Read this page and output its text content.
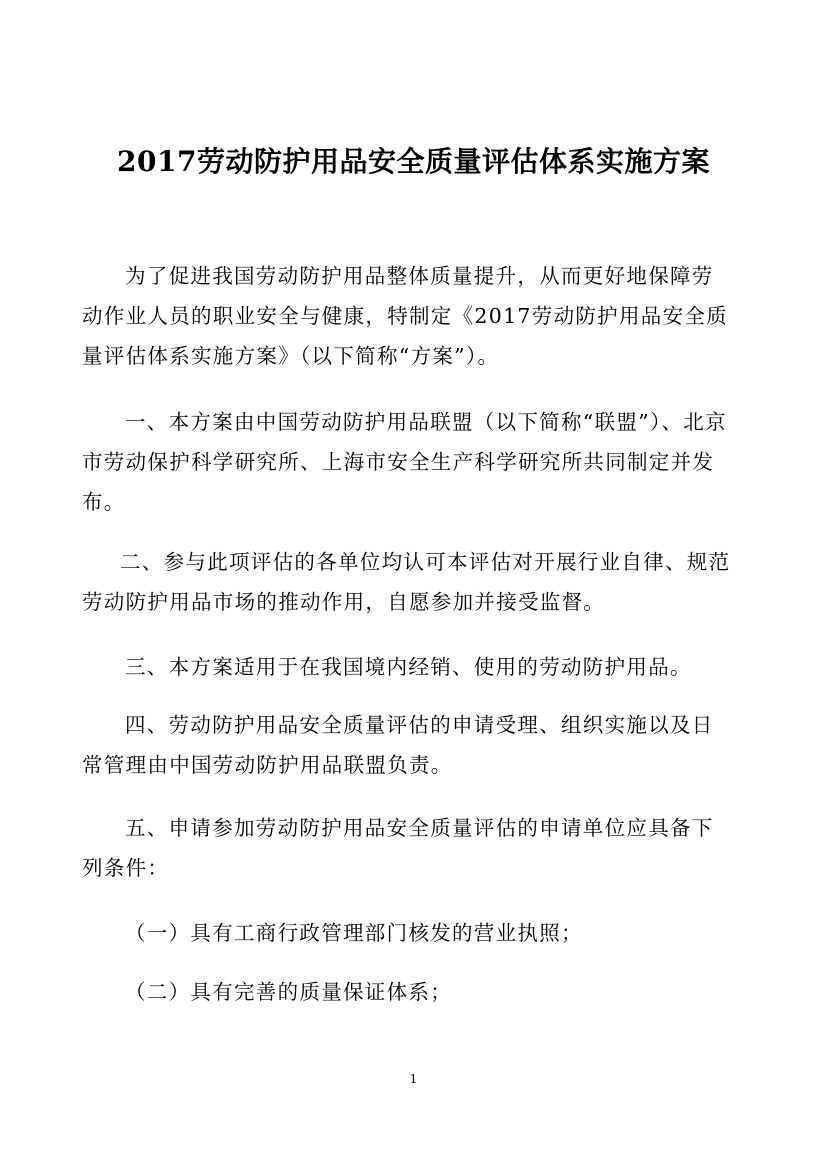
2017劳动防护用品安全质量评估体系实施方案

为了促进我国劳动防护用品整体质量提升，从而更好地保障劳动作业人员的职业安全与健康，特制定《2017劳动防护用品安全质量评估体系实施方案》（以下简称“方案”）。

一、本方案由中国劳动防护用品联盟（以下简称“联盟”）、北京市劳动保护科学研究所、上海市安全生产科学研究所共同制定并发布。

二、参与此项评估的各单位均认可本评估对开展行业自律、规范劳动防护用品市场的推动作用，自愿参加并接受监督。

三、本方案适用于在我国境内经销、使用的劳动防护用品。

四、劳动防护用品安全质量评估的申请受理、组织实施以及日常管理由中国劳动防护用品联盟负责。

五、申请参加劳动防护用品安全质量评估的申请单位应具备下列条件：

（一）具有工商行政管理部门核发的营业执照；

（二）具有完善的质量保证体系；

1
